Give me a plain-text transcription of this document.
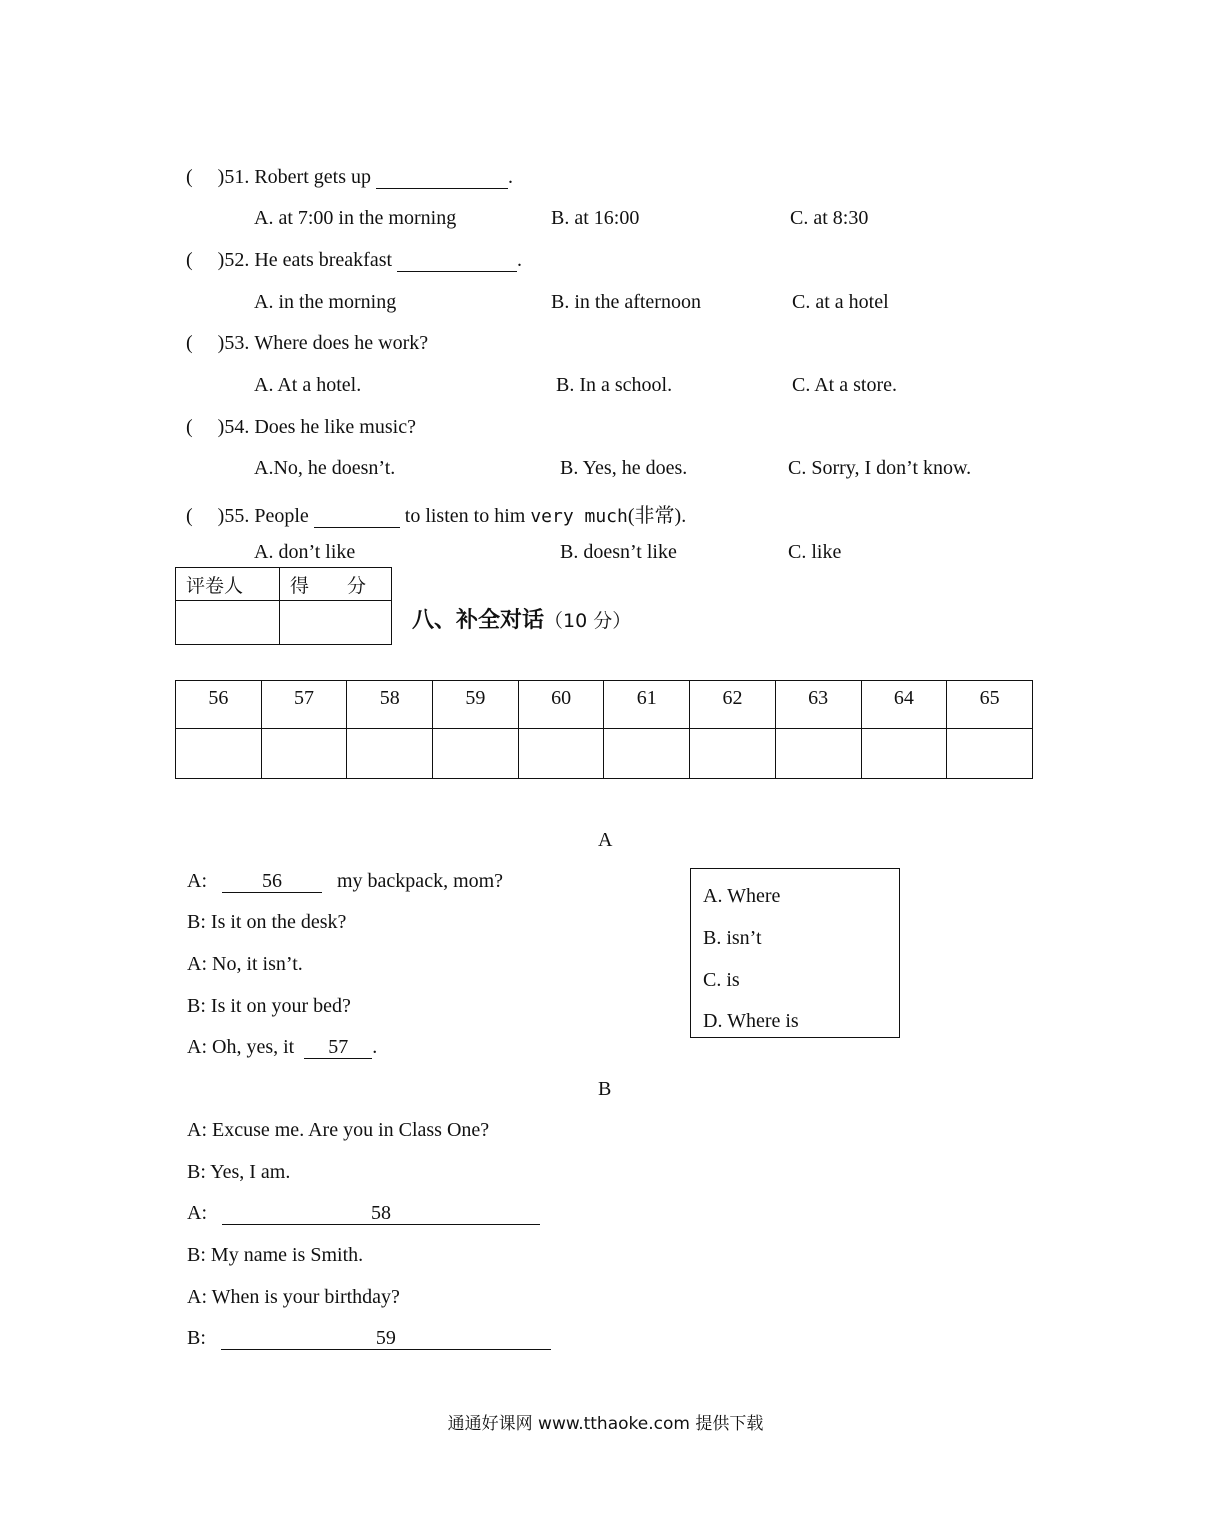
(     )51. Robert gets up	.
A. at 7:00 in the morning	B. at 16:00	C. at 8:30
(     )52. He eats breakfast	.
A. in the morning	B. in the afternoon	C. at a hotel
(     )53. Where does he work?
A. At a hotel.	B. In a school.	C. At a store.
(     )54. Does he like music?
A.No, he doesn’t.	B. Yes, he does.	C. Sorry, I don’t know.
(     )55. People	to listen to him very much(非常).
A. don’t like	B. doesn’t like	C. like
评卷人	得　　分

八、补全对话（10 分）
56	57	58	59	60	61	62	63	64	65

A
A:	56	my backpack, mom?
B: Is it on the desk?
A: No, it isn’t.
B: Is it on your bed?
A: Oh, yes, it 57 .
A. Where
B. isn’t
C. is
D. Where is
B
A: Excuse me. Are you in Class One?
B: Yes, I am.
A:	58
B: My name is Smith.
A: When is your birthday?
B:	59
通通好课网 www.tthaoke.com 提供下载
